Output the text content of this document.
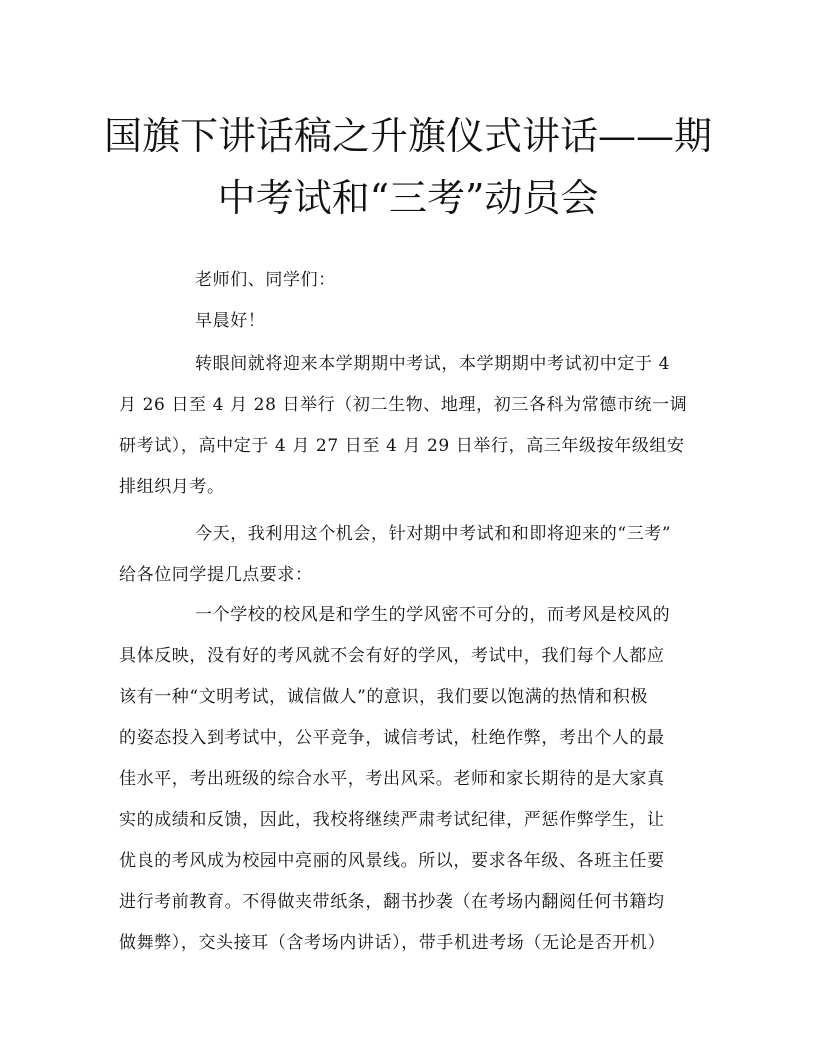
国旗下讲话稿之升旗仪式讲话——期
中考试和“三考”动员会

老师们、同学们：

早晨好！

转眼间就将迎来本学期期中考试，本学期期中考试初中定于 4
月 26 日至 4 月 28 日举行（初二生物、地理，初三各科为常德市统一调
研考试），高中定于 4 月 27 日至 4 月 29 日举行，高三年级按年级组安
排组织月考。
今天，我利用这个机会，针对期中考试和和即将迎来的“三考”
给各位同学提几点要求：
一个学校的校风是和学生的学风密不可分的，而考风是校风的
具体反映，没有好的考风就不会有好的学风，考试中，我们每个人都应
该有一种“文明考试，诚信做人”的意识，我们要以饱满的热情和积极
的姿态投入到考试中，公平竞争，诚信考试，杜绝作弊，考出个人的最
佳水平，考出班级的综合水平，考出风采。老师和家长期待的是大家真
实的成绩和反馈，因此，我校将继续严肃考试纪律，严惩作弊学生，让
优良的考风成为校园中亮丽的风景线。所以，要求各年级、各班主任要
进行考前教育。不得做夹带纸条，翻书抄袭（在考场内翻阅任何书籍均
做舞弊），交头接耳（含考场内讲话），带手机进考场（无论是否开机）
